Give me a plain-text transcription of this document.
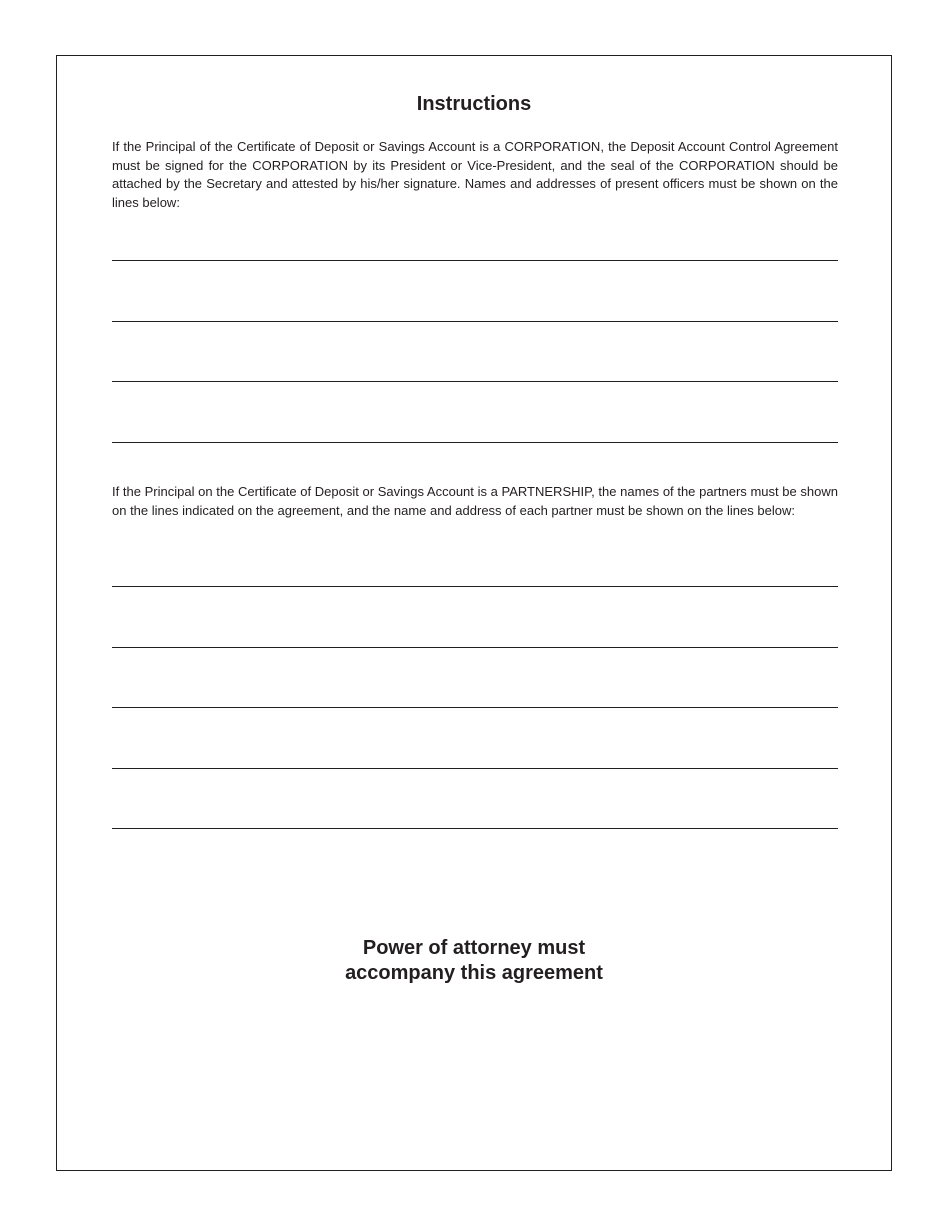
Instructions

If the Principal of the Certificate of Deposit or Savings Account is a CORPORATION, the Deposit Account Control Agreement must be signed for the CORPORATION by its President or Vice-President, and the seal of the CORPORATION should be attached by the Secretary and attested by his/her signature. Names and addresses of present officers must be shown on the lines below:

If the Principal on the Certificate of Deposit or Savings Account is a PARTNERSHIP, the names of the partners must be shown on the lines indicated on the agreement, and the name and address of each partner must be shown on the lines below:

Power of attorney must
accompany this agreement
